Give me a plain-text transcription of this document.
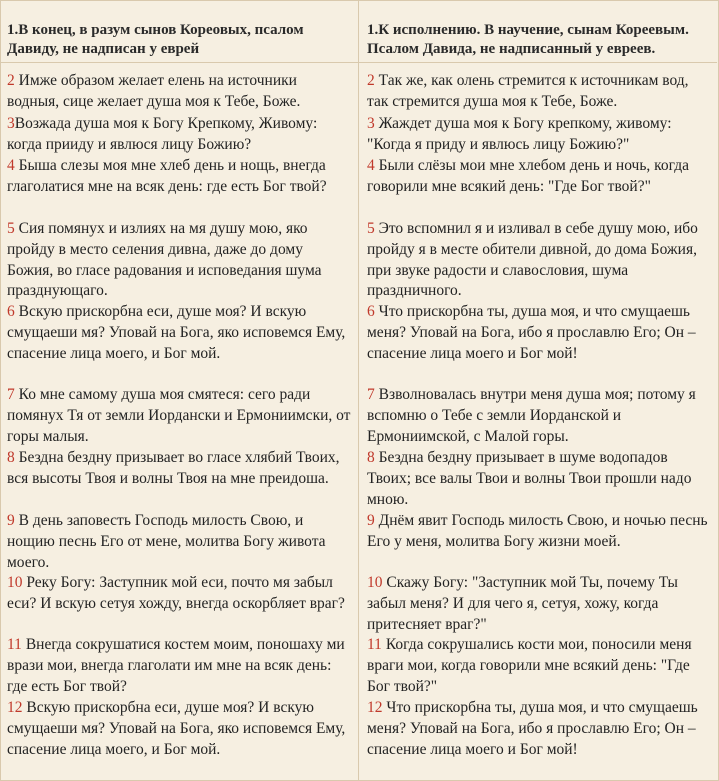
1.В конец, в разум сынов Кореовых, псалом Давиду, не надписан у еврей
2 Имже образом желает елень на источники водныя, сице желает душа моя к Тебе, Боже.
3Возжада душа моя к Богу Крепкому, Живому: когда прииду и явлюся лицу Божию?
4 Быша слезы моя мне хлеб день и нощь, внегда глаголатися мне на всяк день: где есть Бог твой?
5 Сия помянух и излиях на мя душу мою, яко пройду в место селения дивна, даже до дому Божия, во гласе радования и исповедания шума празднующаго.
6 Вскую прискорбна еси, душе моя? И вскую смущаеши мя? Уповай на Бога, яко исповемся Ему, спасение лица моего, и Бог мой.
7 Ко мне самому душа моя смятеся: сего ради помянух Тя от земли Иордански и Ермониимски, от горы малыя.
8 Бездна бездну призывает во гласе хлябий Твоих, вся высоты Твоя и волны Твоя на мне преидоша.
9 В день заповесть Господь милость Свою, и нощию песнь Его от мене, молитва Богу живота моего.
10 Реку Богу: Заступник мой еси, почто мя забыл еси? И вскую сетуя хожду, внегда оскорбляет враг?
11 Внегда сокрушатися костем моим, поношаху ми врази мои, внегда глаголати им мне на всяк день: где есть Бог твой?
12 Вскую прискорбна еси, душе моя? И вскую смущаеши мя? Уповай на Бога, яко исповемся Ему, спасение лица моего, и Бог мой.
1.К исполнению. В научение, сынам Кореевым. Псалом Давида, не надписанный у евреев.
2 Так же, как олень стремится к источникам вод, так стремится душа моя к Тебе, Боже.
3 Жаждет душа моя к Богу крепкому, живому: "Когда я приду и явлюсь лицу Божию?"
4 Были слёзы мои мне хлебом день и ночь, когда говорили мне всякий день: "Где Бог твой?"
5 Это вспомнил я и изливал в себе душу мою, ибо пройду я в месте обители дивной, до дома Божия, при звуке радости и славословия, шума праздничного.
6 Что прискорбна ты, душа моя, и что смущаешь меня? Уповай на Бога, ибо я прославлю Его; Он – спасение лица моего и Бог мой!
7 Взволновалась внутри меня душа моя; потому я вспомню о Тебе с земли Иорданской и Ермониимской, с Малой горы.
8 Бездна бездну призывает в шуме водопадов Твоих; все валы Твои и волны Твои прошли надо мною.
9 Днём явит Господь милость Свою, и ночью песнь Его у меня, молитва Богу жизни моей.
10 Скажу Богу: "Заступник мой Ты, почему Ты забыл меня? И для чего я, сетуя, хожу, когда притесняет враг?"
11 Когда сокрушались кости мои, поносили меня враги мои, когда говорили мне всякий день: "Где Бог твой?"
12 Что прискорбна ты, душа моя, и что смущаешь меня? Уповай на Бога, ибо я прославлю Его; Он – спасение лица моего и Бог мой!
